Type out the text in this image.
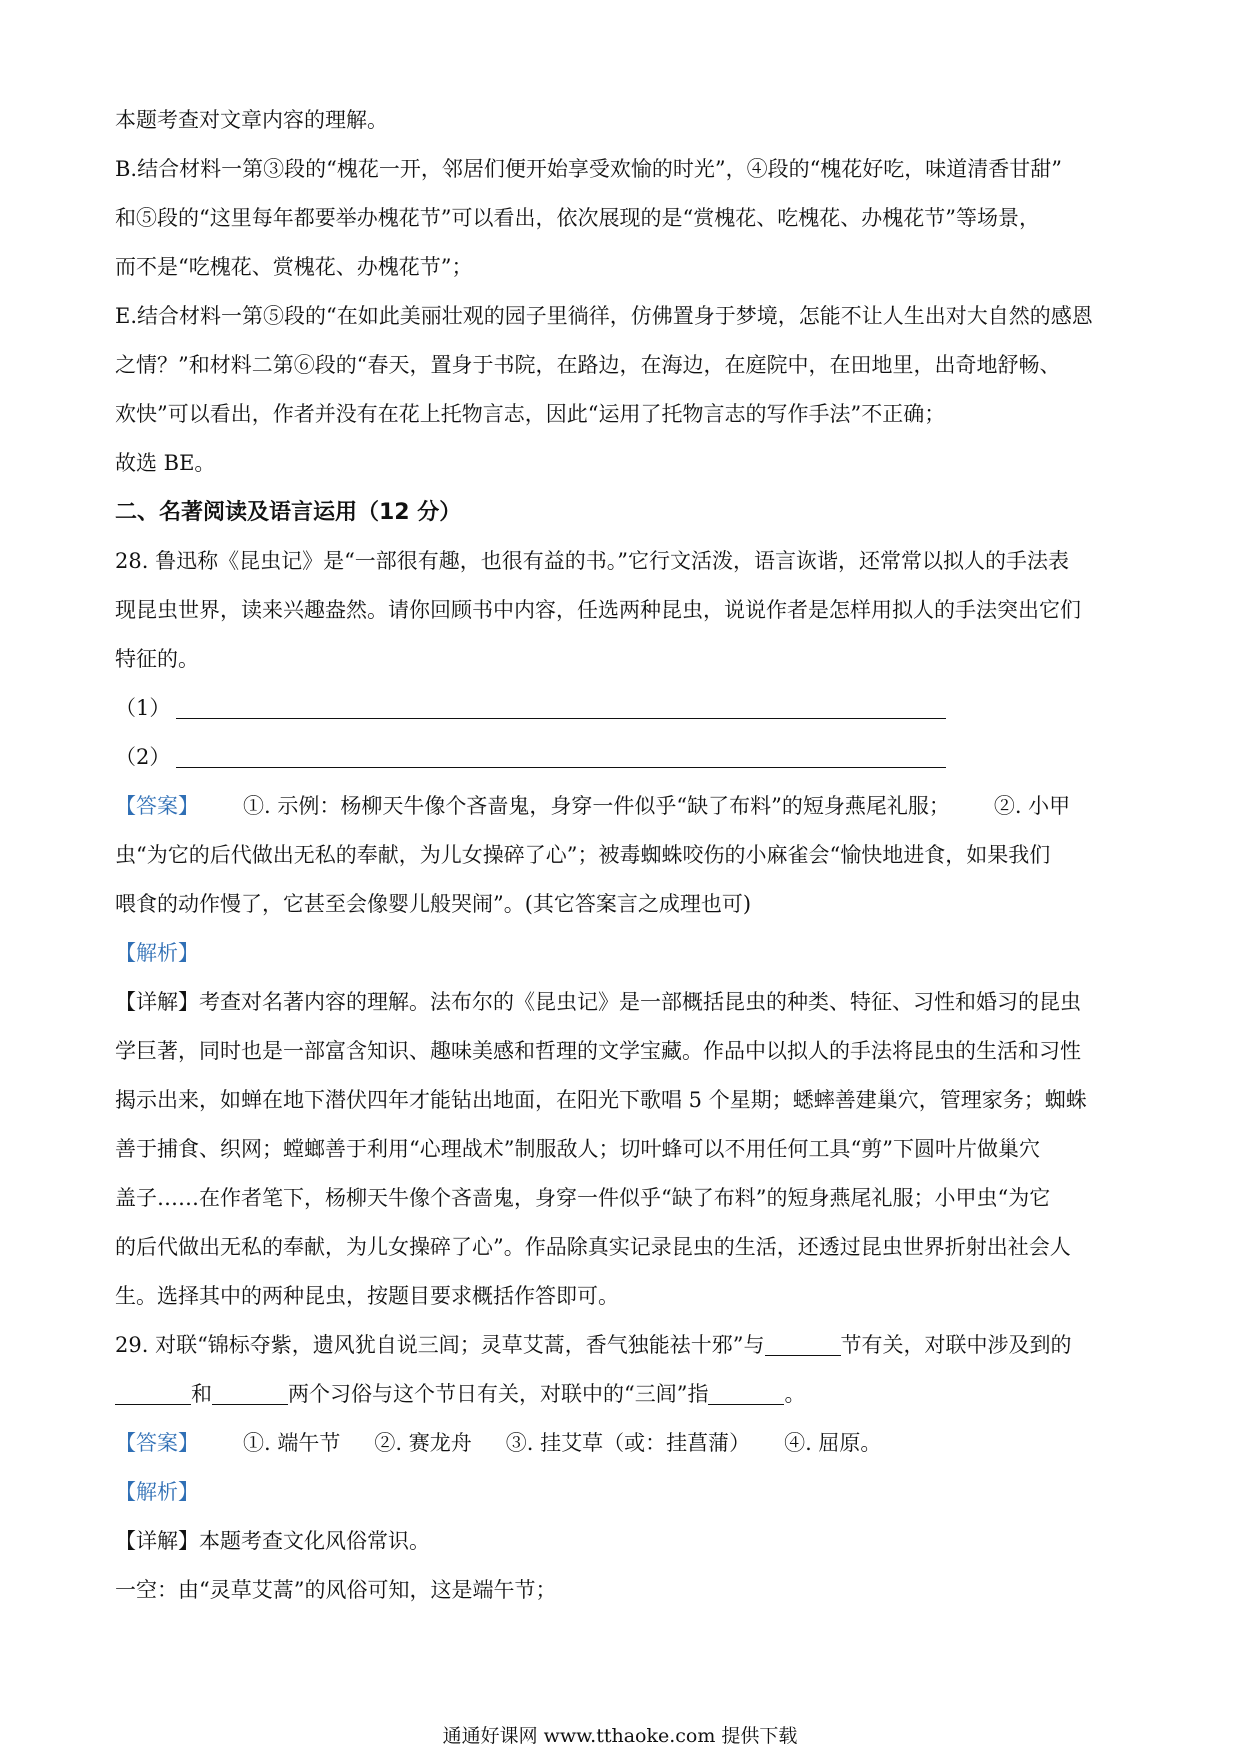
本题考查对文章内容的理解。
B.结合材料一第③段的“槐花一开，邻居们便开始享受欢愉的时光”，④段的“槐花好吃，味道清香甘甜”
和⑤段的“这里每年都要举办槐花节”可以看出，依次展现的是“赏槐花、吃槐花、办槐花节”等场景，
而不是“吃槐花、赏槐花、办槐花节”；
E.结合材料一第⑤段的“在如此美丽壮观的园子里徜徉，仿佛置身于梦境，怎能不让人生出对大自然的感恩
之情？”和材料二第⑥段的“春天，置身于书院，在路边，在海边，在庭院中，在田地里，出奇地舒畅、
欢快”可以看出，作者并没有在花上托物言志，因此“运用了托物言志的写作手法”不正确；
故选 BE。
二、名著阅读及语言运用（12 分）
28. 鲁迅称《昆虫记》是“一部很有趣，也很有益的书。”它行文活泼，语言诙谐，还常常以拟人的手法表
现昆虫世界，读来兴趣盎然。请你回顾书中内容，任选两种昆虫，说说作者是怎样用拟人的手法突出它们
特征的。
（1）
（2）
【答案】 ①. 示例：杨柳天牛像个吝啬鬼，身穿一件似乎“缺了布料”的短身燕尾礼服； ②. 小甲
虫“为它的后代做出无私的奉献，为儿女操碎了心”；被毒蜘蛛咬伤的小麻雀会“愉快地进食，如果我们
喂食的动作慢了，它甚至会像婴儿般哭闹”。(其它答案言之成理也可)
【解析】
【详解】考查对名著内容的理解。法布尔的《昆虫记》是一部概括昆虫的种类、特征、习性和婚习的昆虫
学巨著，同时也是一部富含知识、趣味美感和哲理的文学宝藏。作品中以拟人的手法将昆虫的生活和习性
揭示出来，如蝉在地下潜伏四年才能钻出地面，在阳光下歌唱 5 个星期；蟋蟀善建巢穴，管理家务；蜘蛛
善于捕食、织网；螳螂善于利用“心理战术”制服敌人；切叶蜂可以不用任何工具“剪”下圆叶片做巢穴
盖子……在作者笔下，杨柳天牛像个吝啬鬼，身穿一件似乎“缺了布料”的短身燕尾礼服；小甲虫“为它
的后代做出无私的奉献，为儿女操碎了心”。作品除真实记录昆虫的生活，还透过昆虫世界折射出社会人
生。选择其中的两种昆虫，按题目要求概括作答即可。
29. 对联“锦标夺紫，遗风犹自说三闾；灵草艾蒿，香气独能祛十邪”与	节有关，对联中涉及到的
和	两个习俗与这个节日有关，对联中的“三闾”指	。
【答案】 ①. 端午节 ②. 赛龙舟 ③. 挂艾草（或：挂菖蒲） ④. 屈原。
【解析】
【详解】本题考查文化风俗常识。
一空：由“灵草艾蒿”的风俗可知，这是端午节；
通通好课网 www.tthaoke.com 提供下载
